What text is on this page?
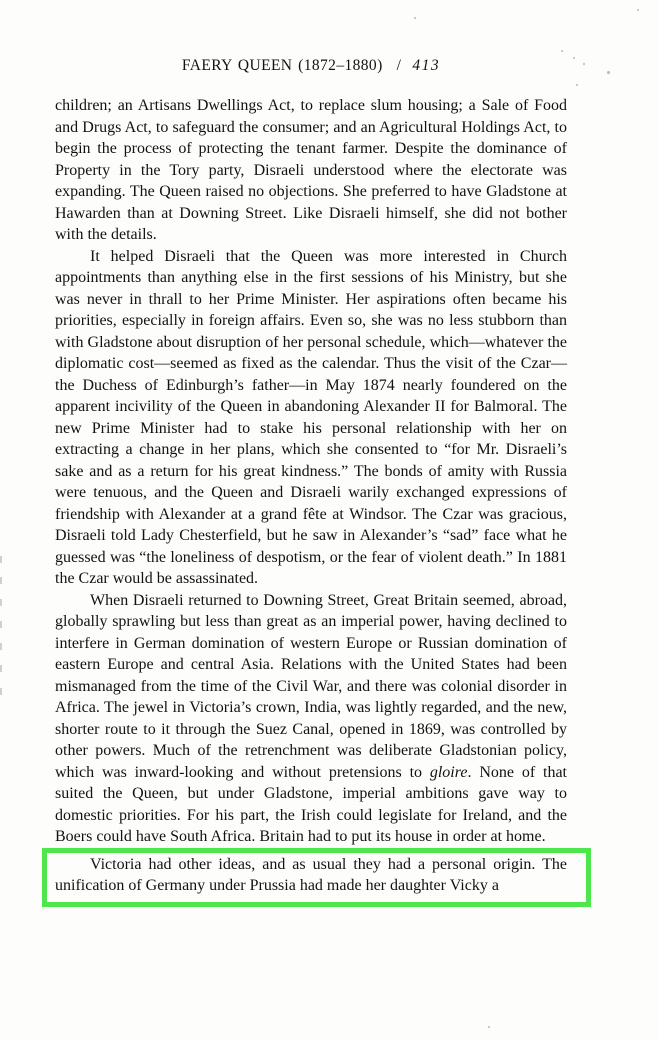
FAERY QUEEN (1872–1880) / 413

children; an Artisans Dwellings Act, to replace slum housing; a Sale of Food and Drugs Act, to safeguard the consumer; and an Agricultural Holdings Act, to begin the process of protecting the tenant farmer. Despite the dominance of Property in the Tory party, Disraeli understood where the electorate was expanding. The Queen raised no objections. She preferred to have Gladstone at Hawarden than at Downing Street. Like Disraeli himself, she did not bother with the details.

It helped Disraeli that the Queen was more interested in Church appointments than anything else in the first sessions of his Ministry, but she was never in thrall to her Prime Minister. Her aspirations often became his priorities, especially in foreign affairs. Even so, she was no less stubborn than with Gladstone about disruption of her personal schedule, which—whatever the diplomatic cost—seemed as fixed as the calendar. Thus the visit of the Czar—the Duchess of Edinburgh’s father—in May 1874 nearly foundered on the apparent incivility of the Queen in abandoning Alexander II for Balmoral. The new Prime Minister had to stake his personal relationship with her on extracting a change in her plans, which she consented to “for Mr. Disraeli’s sake and as a return for his great kindness.” The bonds of amity with Russia were tenuous, and the Queen and Disraeli warily exchanged expressions of friendship with Alexander at a grand fête at Windsor. The Czar was gracious, Disraeli told Lady Chesterfield, but he saw in Alexander’s “sad” face what he guessed was “the loneliness of despotism, or the fear of violent death.” In 1881 the Czar would be assassinated.

When Disraeli returned to Downing Street, Great Britain seemed, abroad, globally sprawling but less than great as an imperial power, having declined to interfere in German domination of western Europe or Russian domination of eastern Europe and central Asia. Relations with the United States had been mismanaged from the time of the Civil War, and there was colonial disorder in Africa. The jewel in Victoria’s crown, India, was lightly regarded, and the new, shorter route to it through the Suez Canal, opened in 1869, was controlled by other powers. Much of the retrenchment was deliberate Gladstonian policy, which was inward-looking and without pretensions to gloire. None of that suited the Queen, but under Gladstone, imperial ambitions gave way to domestic priorities. For his part, the Irish could legislate for Ireland, and the Boers could have South Africa. Britain had to put its house in order at home.

Victoria had other ideas, and as usual they had a personal origin. The unification of Germany under Prussia had made her daughter Vicky a
